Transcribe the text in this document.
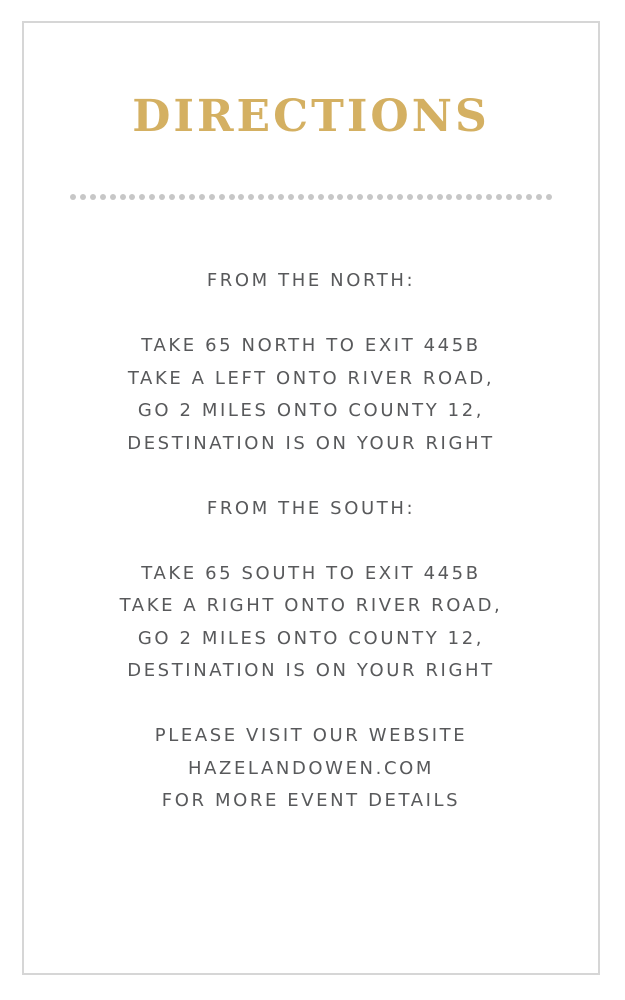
DIRECTIONS
FROM THE NORTH:
TAKE 65 NORTH TO EXIT 445B
TAKE A LEFT ONTO RIVER ROAD,
GO 2 MILES ONTO COUNTY 12,
DESTINATION IS ON YOUR RIGHT
FROM THE SOUTH:
TAKE 65 SOUTH TO EXIT 445B
TAKE A RIGHT ONTO RIVER ROAD,
GO 2 MILES ONTO COUNTY 12,
DESTINATION IS ON YOUR RIGHT
PLEASE VISIT OUR WEBSITE
HAZELANDOWEN.COM
FOR MORE EVENT DETAILS
